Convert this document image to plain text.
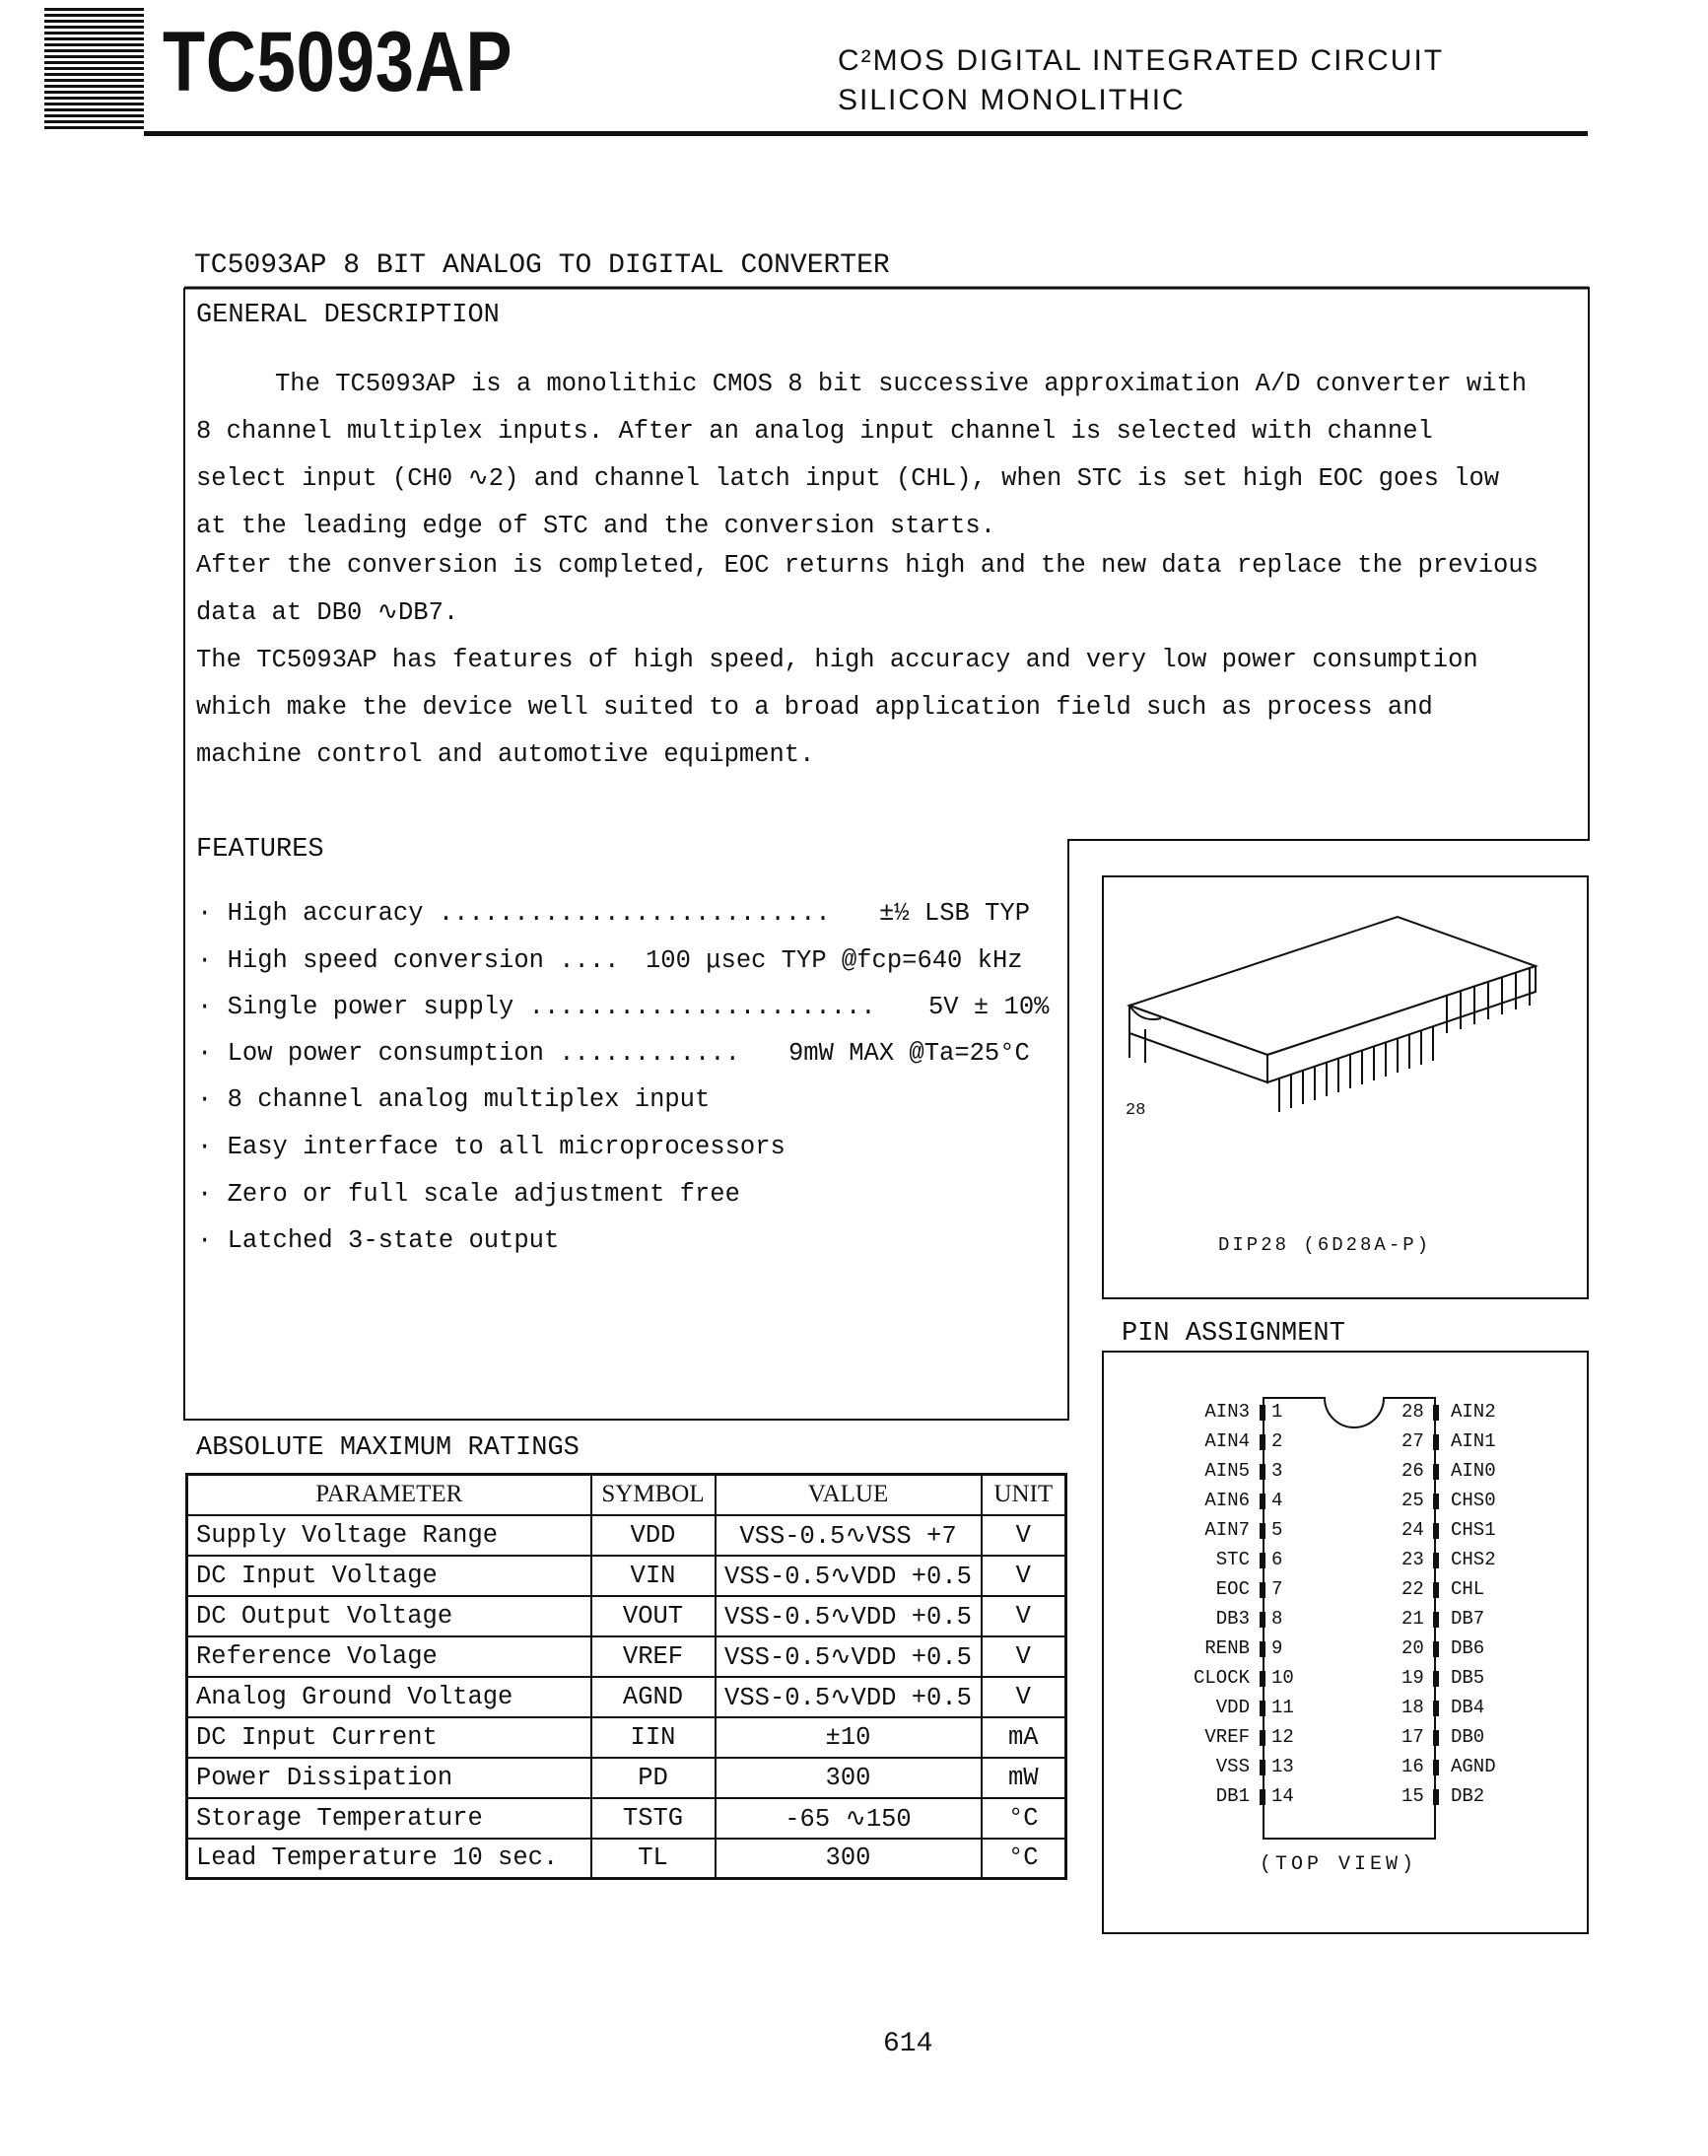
TC5093AP	C²MOS DIGITAL INTEGRATED CIRCUIT
SILICON MONOLITHIC
TC5093AP 8 BIT ANALOG TO DIGITAL CONVERTER
GENERAL DESCRIPTION

The TC5093AP is a monolithic CMOS 8 bit successive approximation A/D converter with

8 channel multiplex inputs. After an analog input channel is selected with channel

select input (CH0 ∿2) and channel latch input (CHL), when STC is set high EOC goes low

at the leading edge of STC and the conversion starts.

After the conversion is completed, EOC returns high and the new data replace the previous

data at DB0 ∿DB7.

The TC5093AP has features of high speed, high accuracy and very low power consumption

which make the device well suited to a broad application field such as process and

machine control and automotive equipment.

FEATURES
· High accuracy .......................... ±½ LSB TYP
· High speed conversion .... 100 μsec TYP @fcp=640 kHz
· Single power supply ....................... 5V ± 10%
· Low power consumption ............ 9mW MAX @Ta=25°C
· 8 channel analog multiplex input
· Easy interface to all microprocessors
· Zero or full scale adjustment free
· Latched 3-state output
28
DIP28 (6D28A-P)
PIN ASSIGNMENT
AIN3 1
AIN4 2
AIN5 3
AIN6 4
AIN7 5
STC 6
EOC 7
DB3 8
RENB 9
CLOCK 10
VDD 11
VREF 12
VSS 13
DB1 14
28 AIN2
27 AIN1
26 AIN0
25 CHS0
24 CHS1
23 CHS2
22 CHL
21 DB7
20 DB6
19 DB5
18 DB4
17 DB0
16 AGND
15 DB2
(TOP VIEW)
ABSOLUTE MAXIMUM RATINGS
PARAMETER	SYMBOL	VALUE	UNIT
Supply Voltage Range	VDD	VSS-0.5∿VSS +7	V
DC Input Voltage	VIN	VSS-0.5∿VDD +0.5	V
DC Output Voltage	VOUT	VSS-0.5∿VDD +0.5	V
Reference Volage	VREF	VSS-0.5∿VDD +0.5	V
Analog Ground Voltage	AGND	VSS-0.5∿VDD +0.5	V
DC Input Current	IIN	±10	mA
Power Dissipation	PD	300	mW
Storage Temperature	TSTG	-65 ∿150	°C
Lead Temperature 10 sec.	TL	300	°C
614
